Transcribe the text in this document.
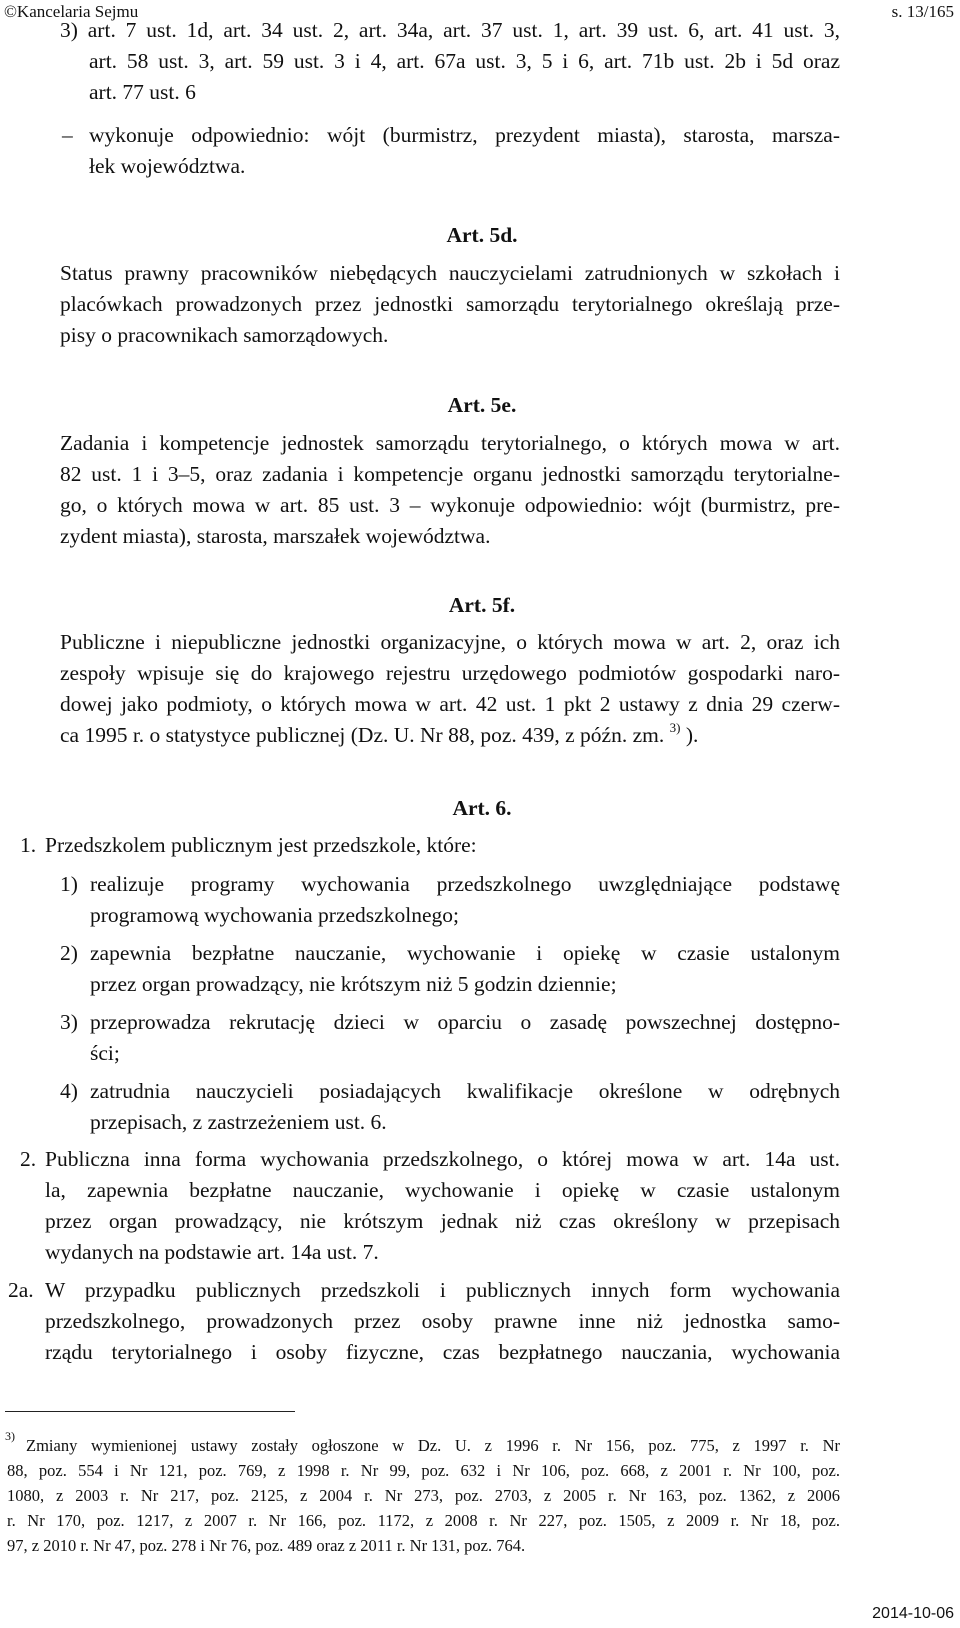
©Kancelaria Sejmu	s. 13/165
3) art. 7 ust. 1d, art. 34 ust. 2, art. 34a, art. 37 ust. 1, art. 39 ust. 6, art. 41 ust. 3,
art. 58 ust. 3, art. 59 ust. 3 i 4, art. 67a ust. 3, 5 i 6, art. 71b ust. 2b i 5d oraz
art. 77 ust. 6
– wykonuje odpowiednio: wójt (burmistrz, prezydent miasta), starosta, marsza-
łek województwa.
Art. 5d.
Status prawny pracowników niebędących nauczycielami zatrudnionych w szkołach i
placówkach prowadzonych przez jednostki samorządu terytorialnego określają prze-
pisy o pracownikach samorządowych.
Art. 5e.
Zadania i kompetencje jednostek samorządu terytorialnego, o których mowa w art.
82 ust. 1 i 3–5, oraz zadania i kompetencje organu jednostki samorządu terytorialne-
go, o których mowa w art. 85 ust. 3 – wykonuje odpowiednio: wójt (burmistrz, pre-
zydent miasta), starosta, marszałek województwa.
Art. 5f.
Publiczne i niepubliczne jednostki organizacyjne, o których mowa w art. 2, oraz ich
zespoły wpisuje się do krajowego rejestru urzędowego podmiotów gospodarki naro-
dowej jako podmioty, o których mowa w art. 42 ust. 1 pkt 2 ustawy z dnia 29 czerw-
ca 1995 r. o statystyce publicznej (Dz. U. Nr 88, poz. 439, z późn. zm. $^{3)}$ ).
Art. 6.
1. Przedszkolem publicznym jest przedszkole, które:
1) realizuje programy wychowania przedszkolnego uwzględniające podstawę
programową wychowania przedszkolnego;
2) zapewnia bezpłatne nauczanie, wychowanie i opiekę w czasie ustalonym
przez organ prowadzący, nie krótszym niż 5 godzin dziennie;
3) przeprowadza rekrutację dzieci w oparciu o zasadę powszechnej dostępno-
ści;
4) zatrudnia nauczycieli posiadających kwalifikacje określone w odrębnych
przepisach, z zastrzeżeniem ust. 6.
2. Publiczna inna forma wychowania przedszkolnego, o której mowa w art. 14a ust.
la, zapewnia bezpłatne nauczanie, wychowanie i opiekę w czasie ustalonym
przez organ prowadzący, nie krótszym jednak niż czas określony w przepisach
wydanych na podstawie art. 14a ust. 7.
2a. W przypadku publicznych przedszkoli i publicznych innych form wychowania
przedszkolnego, prowadzonych przez osoby prawne inne niż jednostka samo-
rządu terytorialnego i osoby fizyczne, czas bezpłatnego nauczania, wychowania
3) Zmiany wymienionej ustawy zostały ogłoszone w Dz. U. z 1996 r. Nr 156, poz. 775, z 1997 r. Nr
88, poz. 554 i Nr 121, poz. 769, z 1998 r. Nr 99, poz. 632 i Nr 106, poz. 668, z 2001 r. Nr 100, poz.
1080, z 2003 r. Nr 217, poz. 2125, z 2004 r. Nr 273, poz. 2703, z 2005 r. Nr 163, poz. 1362, z 2006
r. Nr 170, poz. 1217, z 2007 r. Nr 166, poz. 1172, z 2008 r. Nr 227, poz. 1505, z 2009 r. Nr 18, poz.
97, z 2010 r. Nr 47, poz. 278 i Nr 76, poz. 489 oraz z 2011 r. Nr 131, poz. 764.
2014-10-06
